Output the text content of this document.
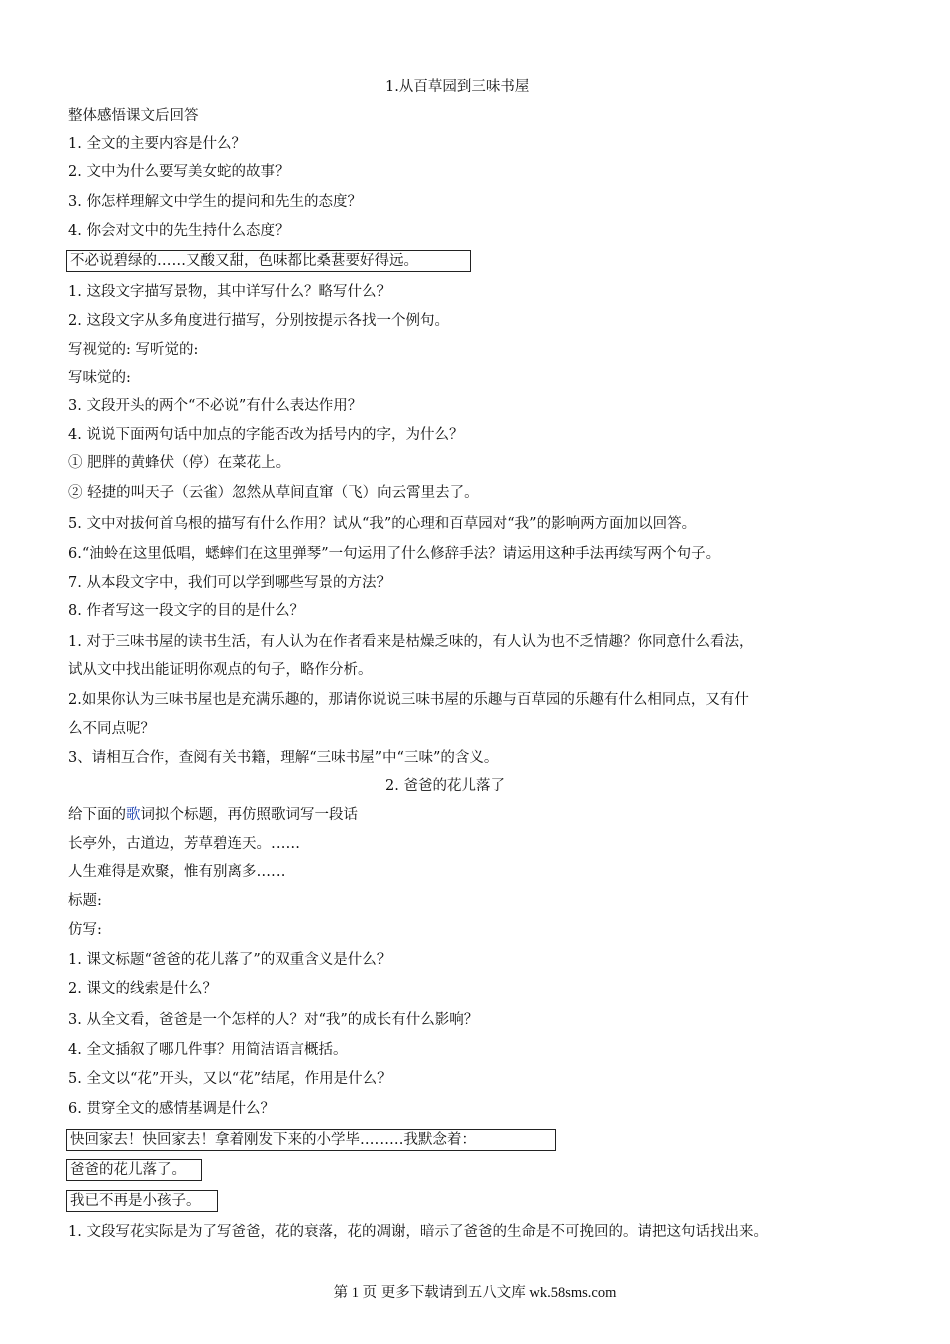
1.从百草园到三味书屋
整体感悟课文后回答
1. 全文的主要内容是什么？
2. 文中为什么要写美女蛇的故事？
3. 你怎样理解文中学生的提问和先生的态度？
4. 你会对文中的先生持什么态度？
不必说碧绿的……又酸又甜，色味都比桑葚要好得远。
1. 这段文字描写景物，其中详写什么？略写什么？
2. 这段文字从多角度进行描写，分别按提示各找一个例句。
写视觉的: 写听觉的:
写味觉的:
3. 文段开头的两个“不必说”有什么表达作用？
4. 说说下面两句话中加点的字能否改为括号内的字，为什么？
① 肥胖的黄蜂伏（停）在菜花上。
② 轻捷的叫天子（云雀）忽然从草间直窜（飞）向云霄里去了。
5. 文中对拔何首乌根的描写有什么作用？试从“我”的心理和百草园对“我”的影响两方面加以回答。
6.“油蛉在这里低唱，蟋蟀们在这里弹琴”一句运用了什么修辞手法？请运用这种手法再续写两个句子。
7. 从本段文字中，我们可以学到哪些写景的方法？
8. 作者写这一段文字的目的是什么？
1. 对于三味书屋的读书生活，有人认为在作者看来是枯燥乏味的，有人认为也不乏情趣？你同意什么看法，
试从文中找出能证明你观点的句子，略作分析。
2.如果你认为三味书屋也是充满乐趣的，那请你说说三味书屋的乐趣与百草园的乐趣有什么相同点，又有什
么不同点呢？
3、请相互合作，查阅有关书籍，理解“三味书屋”中“三味”的含义。
2. 爸爸的花儿落了
给下面的歌词拟个标题，再仿照歌词写一段话
长亭外，古道边，芳草碧连天。……
人生难得是欢聚，惟有别离多……
标题:
仿写:
1. 课文标题“爸爸的花儿落了”的双重含义是什么？
2. 课文的线索是什么？
3. 从全文看，爸爸是一个怎样的人？对“我”的成长有什么影响？
4. 全文插叙了哪几件事？用简洁语言概括。
5. 全文以“花”开头，又以“花”结尾，作用是什么？
6. 贯穿全文的感情基调是什么？
快回家去！快回家去！拿着刚发下来的小学毕………我默念着：
爸爸的花儿落了。
我已不再是小孩子。
1. 文段写花实际是为了写爸爸，花的衰落，花的凋谢，暗示了爸爸的生命是不可挽回的。请把这句话找出来。
第 1 页 更多下载请到五八文库 wk.58sms.com
